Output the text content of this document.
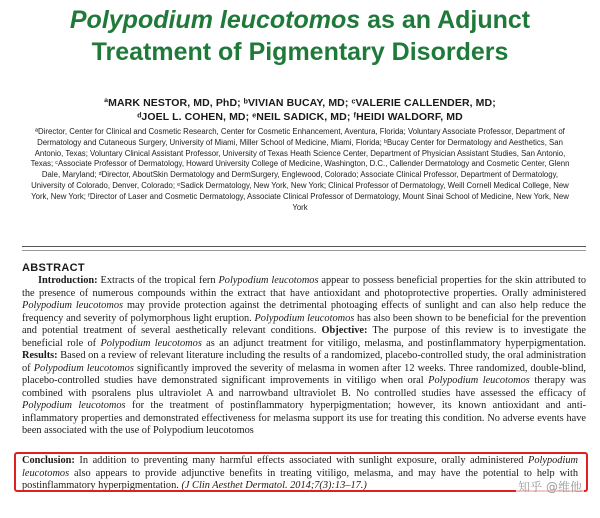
Polypodium leucotomos as an Adjunct
Treatment of Pigmentary Disorders
ªMARK NESTOR, MD, PhD; ᵇVIVIAN BUCAY, MD; ᶜVALERIE CALLENDER, MD;
ᵈJOEL L. COHEN, MD; ᵉNEIL SADICK, MD; ᶠHEIDI WALDORF, MD
ªDirector, Center for Clinical and Cosmetic Research, Center for Cosmetic Enhancement, Aventura, Florida; Voluntary Associate Professor, Department of Dermatology and Cutaneous Surgery, University of Miami, Miller School of Medicine, Miami, Florida; ᵇBucay Center for Dermatology and Aesthetics, San Antonio, Texas; Voluntary Clinical Assistant Professor, University of Texas Heath Science Center, Department of Physician Assistant Studies, San Antonio, Texas; ᶜAssociate Professor of Dermatology, Howard University College of Medicine, Washington, D.C., Callender Dermatology and Cosmetic Center, Glenn Dale, Maryland; ᵈDirector, AboutSkin Dermatology and DermSurgery, Englewood, Colorado; Associate Clinical Professor, Department of Dermatology, University of Colorado, Denver, Colorado; ᵉSadick Dermatology, New York, New York; Clinical Professor of Dermatology, Weill Cornell Medical College, New York, New York; ᶠDirector of Laser and Cosmetic Dermatology, Associate Clinical Professor of Dermatology, Mount Sinai School of Medicine, New York, New York
ABSTRACT
Introduction: Extracts of the tropical fern Polypodium leucotomos appear to possess beneficial properties for the skin attributed to the presence of numerous compounds within the extract that have antioxidant and photoprotective properties. Orally administered Polypodium leucotomos may provide protection against the detrimental photoaging effects of sunlight and can also help reduce the frequency and severity of polymorphous light eruption. Polypodium leucotomos has also been shown to be beneficial for the prevention and potential treatment of several aesthetically relevant conditions. Objective: The purpose of this review is to investigate the beneficial role of Polypodium leucotomos as an adjunct treatment for vitiligo, melasma, and postinflammatory hyperpigmentation. Results: Based on a review of relevant literature including the results of a randomized, placebo-controlled study, the oral administration of Polypodium leucotomos significantly improved the severity of melasma in women after 12 weeks. Three randomized, double-blind, placebo-controlled studies have demonstrated significant improvements in vitiligo when oral Polypodium leucotomos therapy was combined with psoralens plus ultraviolet A and narrowband ultraviolet B. No controlled studies have assessed the efficacy of Polypodium leucotomos for the treatment of postinflammatory hyperpigmentation; however, its known antioxidant and anti-inflammatory properties and demonstrated effectiveness for melasma support its use for treating this condition. No adverse events have been associated with the use of Polypodium leucotomos
Conclusion: In addition to preventing many harmful effects associated with sunlight exposure, orally administered Polypodium leucotomos also appears to provide adjunctive benefits in treating vitiligo, melasma, and may have the potential to help with postinflammatory hyperpigmentation. (J Clin Aesthet Dermatol. 2014;7(3):13–17.)	知乎 @维他
